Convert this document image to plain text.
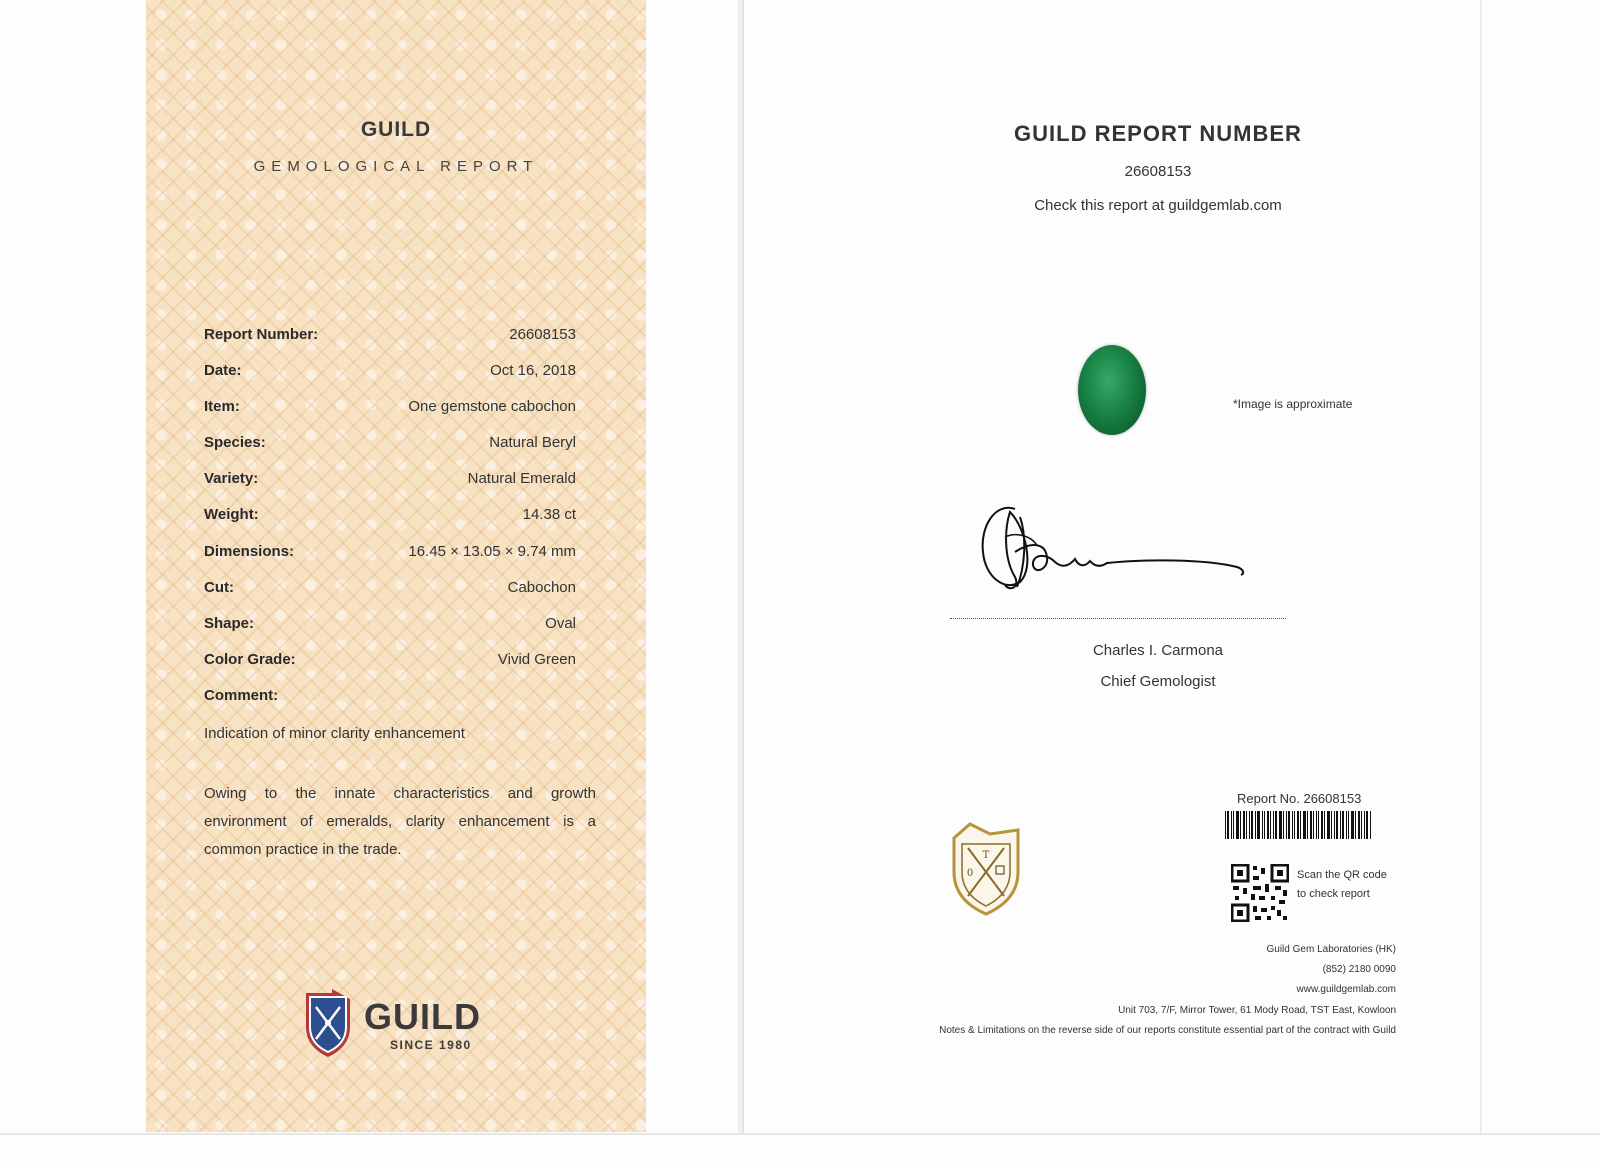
GUILD
GEMOLOGICAL REPORT
Report Number:	26608153
Date:	Oct 16, 2018
Item:	One gemstone cabochon
Species:	Natural Beryl
Variety:	Natural Emerald
Weight:	14.38 ct
Dimensions:	16.45 × 13.05 × 9.74 mm
Cut:	Cabochon
Shape:	Oval
Color Grade:	Vivid Green
Comment:
Indication of minor clarity enhancement
Owing to the innate characteristics and growth environment of emeralds, clarity enhancement is a common practice in the trade.
GUILD
SINCE 1980
GUILD REPORT NUMBER
26608153
Check this report at guildgemlab.com
*Image is approximate
Charles I. Carmona
Chief Gemologist
T
0
Report No. 26608153
Scan the QR code to check report
Guild Gem Laboratories (HK)
(852) 2180 0090
www.guildgemlab.com
Unit 703, 7/F, Mirror Tower, 61 Mody Road, TST East, Kowloon
Notes & Limitations on the reverse side of our reports constitute essential part of the contract with Guild
